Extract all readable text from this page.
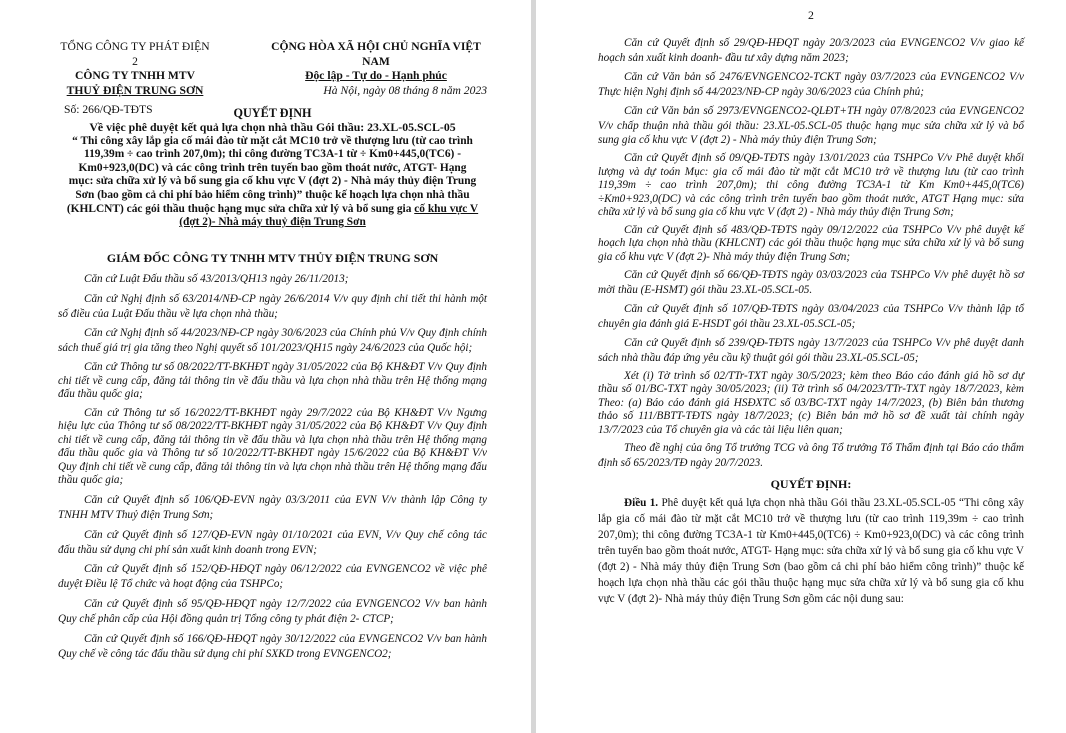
TỔNG CÔNG TY PHÁT ĐIỆN 2

CÔNG TY TNHH MTV

THUỶ ĐIỆN TRUNG SƠN

Số: 266/QĐ-TĐTS

CỘNG HÒA XÃ HỘI CHỦ NGHĨA VIỆT NAM

Độc lập - Tự do - Hạnh phúc

Hà Nội, ngày 08 tháng 8 năm 2023

QUYẾT ĐỊNH

Về việc phê duyệt kết quả lựa chọn nhà thầu Gói thầu: 23.XL-05.SCL-05

“ Thi công xây lắp gia cố mái đào từ mặt cắt MC10 trở về thượng lưu (từ cao trình 119,39m ÷ cao trình 207,0m); thi công đường TC3A-1 từ ÷ Km0+445,0(TC6) - Km0+923,0(DC) và các công trình trên tuyến bao gồm thoát nước, ATGT- Hạng mục: sửa chữa xử lý và bổ sung gia cố khu vực V (đợt 2) - Nhà máy thủy điện Trung Sơn (bao gồm cả chi phí bảo hiểm công trình)” thuộc kế hoạch lựa chọn nhà thầu (KHLCNT) các gói thầu thuộc hạng mục sửa chữa xử lý và bổ sung gia cố khu vực V (đợt 2)- Nhà máy thuỷ điện Trung Sơn

GIÁM ĐỐC CÔNG TY TNHH MTV THỦY ĐIỆN TRUNG SƠN

Căn cứ Luật Đấu thầu số 43/2013/QH13 ngày 26/11/2013;

Căn cứ Nghị định số 63/2014/NĐ-CP ngày 26/6/2014 V/v quy định chi tiết thi hành một số điều của Luật Đấu thầu về lựa chọn nhà thầu;

Căn cứ Nghị định số 44/2023/NĐ-CP ngày 30/6/2023 của Chính phủ V/v Quy định chính sách thuế giá trị gia tăng theo Nghị quyết số 101/2023/QH15 ngày 24/6/2023 của Quốc hội;

Căn cứ Thông tư số 08/2022/TT-BKHĐT ngày 31/05/2022 của Bộ KH&ĐT V/v Quy định chi tiết về cung cấp, đăng tải thông tin về đấu thầu và lựa chọn nhà thầu trên Hệ thống mạng đấu thầu quốc gia;

Căn cứ Thông tư số 16/2022/TT-BKHĐT ngày 29/7/2022 của Bộ KH&ĐT V/v Ngưng hiệu lực của Thông tư số 08/2022/TT-BKHĐT ngày 31/05/2022 của Bộ KH&ĐT V/v Quy định chi tiết về cung cấp, đăng tải thông tin về đấu thầu và lựa chọn nhà thầu trên Hệ thống mạng đấu thầu quốc gia và Thông tư số 10/2022/TT-BKHĐT ngày 15/6/2022 của Bộ KH&ĐT V/v Quy định chi tiết về cung cấp, đăng tải thông tin và lựa chọn nhà thầu trên Hệ thống mạng đấu thầu quốc gia;

Căn cứ Quyết định số 106/QĐ-EVN ngày 03/3/2011 của EVN V/v thành lập Công ty TNHH MTV Thuỷ điện Trung Sơn;

Căn cứ Quyết định số 127/QĐ-EVN ngày 01/10/2021 của EVN, V/v Quy chế công tác đấu thầu sử dụng chi phí sản xuất kinh doanh trong EVN;

Căn cứ Quyết định số 152/QĐ-HĐQT ngày 06/12/2022 của EVNGENCO2 về việc phê duyệt Điều lệ Tổ chức và hoạt động của TSHPCo;

Căn cứ Quyết định số 95/QĐ-HĐQT ngày 12/7/2022 của EVNGENCO2 V/v ban hành Quy chế phân cấp của Hội đồng quản trị Tổng công ty phát điện 2- CTCP;

Căn cứ Quyết định số 166/QĐ-HĐQT ngày 30/12/2022 của EVNGENCO2 V/v ban hành Quy chế về công tác đấu thầu sử dụng chi phí SXKD trong EVNGENCO2;

2

Căn cứ Quyết định số 29/QĐ-HĐQT ngày 20/3/2023 của EVNGENCO2 V/v giao kế hoạch sản xuất kinh doanh- đầu tư xây dựng năm 2023;

Căn cứ Văn bản số 2476/EVNGENCO2-TCKT ngày 03/7/2023 của EVNGENCO2 V/v Thực hiện Nghị định số 44/2023/NĐ-CP ngày 30/6/2023 của Chính phủ;

Căn cứ Văn bản số 2973/EVNGENCO2-QLĐT+TH ngày 07/8/2023 của EVNGENCO2 V/v chấp thuận nhà thầu gói thầu: 23.XL-05.SCL-05 thuộc hạng mục sửa chữa xử lý và bổ sung gia cố khu vực V (đợt 2) - Nhà máy thủy điện Trung Sơn;

Căn cứ Quyết định số 09/QĐ-TĐTS ngày 13/01/2023 của TSHPCo V/v Phê duyệt khối lượng và dự toán Mục: gia cố mái đào từ mặt cắt MC10 trở về thượng lưu (từ cao trình 119,39m ÷ cao trình 207,0m); thi công đường TC3A-1 từ Km Km0+445,0(TC6) ÷Km0+923,0(DC) và các công trình trên tuyến bao gồm thoát nước, ATGT Hạng mục: sửa chữa xử lý và bổ sung gia cố khu vực V (đợt 2) - Nhà máy thủy điện Trung Sơn;

Căn cứ Quyết định số 483/QĐ-TĐTS ngày 09/12/2022 của TSHPCo V/v phê duyệt kế hoạch lựa chọn nhà thầu (KHLCNT) các gói thầu thuộc hạng mục sửa chữa xử lý và bổ sung gia cố khu vực V (đợt 2)- Nhà máy thủy điện Trung Sơn;

Căn cứ Quyết định số 66/QĐ-TĐTS ngày 03/03/2023 của TSHPCo V/v phê duyệt hồ sơ mời thầu (E-HSMT) gói thầu 23.XL-05.SCL-05.

Căn cứ Quyết định số 107/QĐ-TĐTS ngày 03/04/2023 của TSHPCo V/v thành lập tổ chuyên gia đánh giá E-HSDT gói thầu 23.XL-05.SCL-05;

Căn cứ Quyết định số 239/QĐ-TĐTS ngày 13/7/2023 của TSHPCo V/v phê duyệt danh sách nhà thầu đáp ứng yêu cầu kỹ thuật gói gói thầu 23.XL-05.SCL-05;

Xét (i) Tờ trình số 02/TTr-TXT ngày 30/5/2023; kèm theo Báo cáo đánh giá hồ sơ dự thầu số 01/BC-TXT ngày 30/05/2023; (ii) Tờ trình số 04/2023/TTr-TXT ngày 18/7/2023, kèm Theo: (a) Báo cáo đánh giá HSĐXTC số 03/BC-TXT ngày 14/7/2023, (b) Biên bản thương thảo số 111/BBTT-TĐTS ngày 18/7/2023; (c) Biên bản mở hồ sơ đề xuất tài chính ngày 13/7/2023 của Tổ chuyên gia và các tài liệu liên quan;

Theo đề nghị của ông Tổ trưởng TCG và ông Tổ trưởng Tổ Thẩm định tại Báo cáo thẩm định số 65/2023/TĐ ngày 20/7/2023.

QUYẾT ĐỊNH:

Điều 1. Phê duyệt kết quả lựa chọn nhà thầu Gói thầu 23.XL-05.SCL-05 “Thi công xây lắp gia cố mái đào từ mặt cắt MC10 trở về thượng lưu (từ cao trình 119,39m ÷ cao trình 207,0m); thi công đường TC3A-1 từ Km0+445,0(TC6) ÷ Km0+923,0(DC) và các công trình trên tuyến bao gồm thoát nước, ATGT- Hạng mục: sửa chữa xử lý và bổ sung gia cố khu vực V (đợt 2) - Nhà máy thủy điện Trung Sơn (bao gồm cả chi phí bảo hiểm công trình)” thuộc kế hoạch lựa chọn nhà thầu các gói thầu thuộc hạng mục sửa chữa xử lý và bổ sung gia cố khu vực V (đợt 2)- Nhà máy thủy điện Trung Sơn gồm các nội dung sau:
